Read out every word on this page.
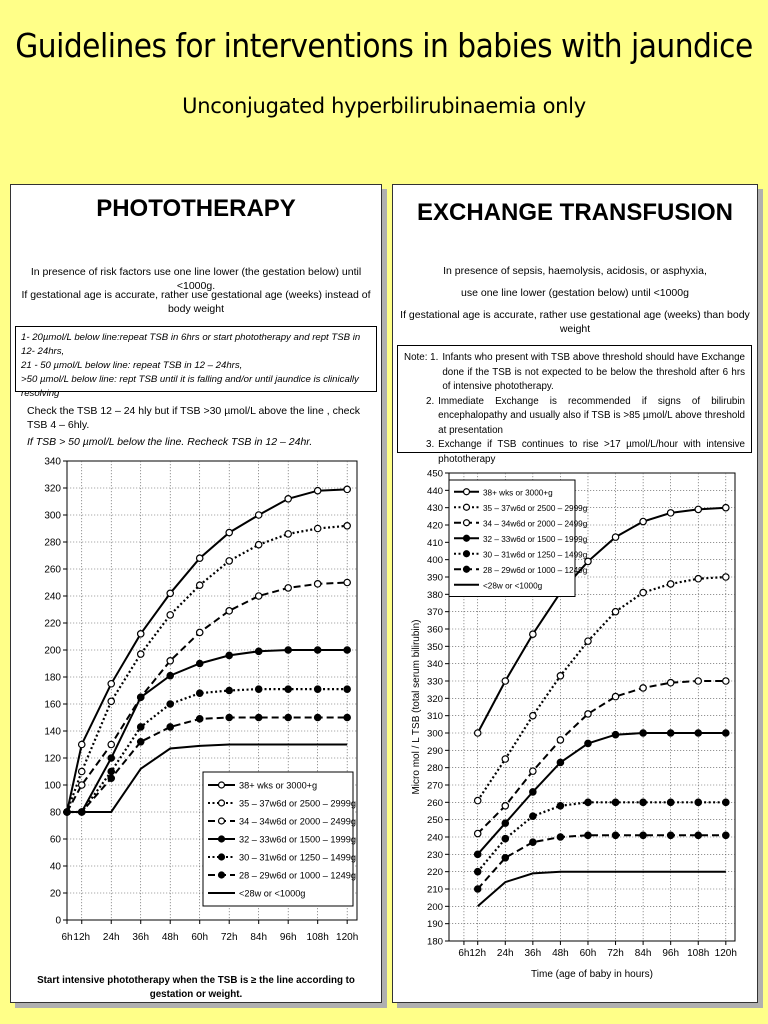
Guidelines for interventions in babies with jaundice
Unconjugated hyperbilirubinaemia only
PHOTOTHERAPY
In presence of risk factors use one line lower (the gestation below) until <1000g.
If gestational age is accurate, rather use gestational age (weeks) instead of body weight
1- 20µmol/L below line:repeat TSB in 6hrs or start phototherapy and rept TSB in 12- 24hrs,
21 - 50 µmol/L below line: repeat TSB in 12 – 24hrs,
>50 µmol/L below line: rept TSB until it is falling and/or until jaundice is clinically resolving
Check the TSB 12 – 24 hly but if TSB >30 µmol/L above the line , check TSB 4 – 6hly.
If TSB > 50 µmol/L below the line. Recheck TSB in 12 – 24hr.
0
20
40
60
80
100
120
140
160
180
200
220
240
260
280
300
320
340
6h 12h 24h 36h 48h 60h 72h 84h 96h 108h 120h
38+ wks or 3000+g
35 – 37w6d or 2500 – 2999g
34 – 34w6d or 2000 – 2499g
32 – 33w6d or 1500 – 1999g
30 – 31w6d or 1250 – 1499g
28 – 29w6d or 1000 – 1249g
<28w or <1000g
Start intensive phototherapy when the TSB is ≥ the line according to gestation or weight.
EXCHANGE TRANSFUSION
In presence of sepsis, haemolysis, acidosis, or asphyxia,
use one line lower (gestation below) until <1000g
If gestational age is accurate, rather use gestational age (weeks) than body weight
Note: 1. Infants who present with TSB above threshold should have Exchange done if the TSB is not expected to be below the threshold after 6 hrs of intensive phototherapy.
2. Immediate Exchange is recommended if signs of bilirubin encephalopathy and usually also if TSB is >85 µmol/L above threshold at presentation
3. Exchange if TSB continues to rise >17 µmol/L/hour with intensive phototherapy
180
190
200
210
220
230
240
250
260
270
280
290
300
310
320
330
340
350
360
370
380
390
400
410
420
430
440
450
6h 12h 24h 36h 48h 60h 72h 84h 96h 108h 120h
38+ wks or 3000+g
35 – 37w6d or 2500 – 2999g
34 – 34w6d or 2000 – 2499g
32 – 33w6d or 1500 – 1999g
30 – 31w6d or 1250 – 1499g
28 – 29w6d or 1000 – 1249g
<28w or <1000g
Time (age of baby in hours)
Micro mol / L TSB (total serum bilirubin)
